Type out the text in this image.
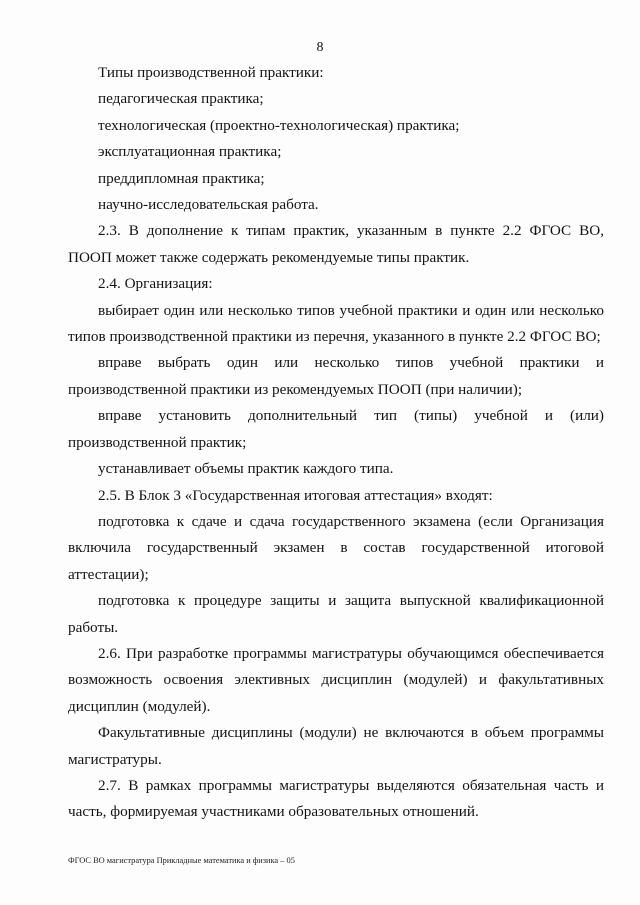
8

Типы производственной практики:

педагогическая практика;

технологическая (проектно-технологическая) практика;

эксплуатационная практика;

преддипломная практика;

научно-исследовательская работа.

2.3. В дополнение к типам практик, указанным в пункте 2.2 ФГОС ВО, ПООП может также содержать рекомендуемые типы практик.

2.4. Организация:

выбирает один или несколько типов учебной практики и один или несколько типов производственной практики из перечня, указанного в пункте 2.2 ФГОС ВО;

вправе выбрать один или несколько типов учебной практики и производственной практики из рекомендуемых ПООП (при наличии);

вправе установить дополнительный тип (типы) учебной и (или) производственной практик;

устанавливает объемы практик каждого типа.

2.5. В Блок 3 «Государственная итоговая аттестация» входят:

подготовка к сдаче и сдача государственного экзамена (если Организация включила государственный экзамен в состав государственной итоговой аттестации);

подготовка к процедуре защиты и защита выпускной квалификационной работы.

2.6. При разработке программы магистратуры обучающимся обеспечивается возможность освоения элективных дисциплин (модулей) и факультативных дисциплин (модулей).

Факультативные дисциплины (модули) не включаются в объем программы магистратуры.

2.7. В рамках программы магистратуры выделяются обязательная часть и часть, формируемая участниками образовательных отношений.

ФГОС ВО магистратура Прикладные математика и физика – 05
